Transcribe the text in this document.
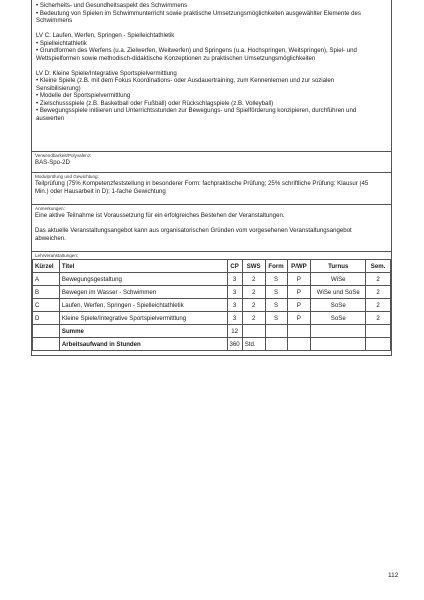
• Sicherheits- und Gesundheitsaspekt des Schwimmens
• Bedeutung von Spielen im Schwimmunterricht sowie praktische Umsetzungsmöglichkeiten ausgewählter Elemente des
Schwimmens
LV C: Laufen, Werfen, Springen - Spielleichtathletik
• Spielleichtathletik
• Grundformen des Werfens (u.a. Zielwerfen, Weitwerfen) und Springens (u.a. Hochspringen, Weitspringen), Spiel- und
Wettspielformen sowie methodisch-didaktische Konzeptionen zu praktischen Umsetzungsmöglichkeiten
LV D: Kleine Spiele/Integrative Sportspielvermittlung
• Kleine Spiele (z.B. mit dem Fokus Koordinations- oder Ausdauertraining, zum Kennenlernen und zur sozialen
Sensibilisierung)
• Modelle der Sportspielvermittlung
• Zielschussspiele (z.B. Basketball oder Fußball) oder Rückschlagspiele (z.B. Volleyball)
• Bewegungsspiele initiieren und Unterrichtsstunden zur Bewegungs- und Spielförderung konzipieren, durchführen und
auswerten
Verwendbarkeit/Polyvalenz:
BAS-Spo-2D
Modulprüfung und Gewichtung:
Teilprüfung (75% Kompetenzfeststellung in besonderer Form: fachpraktische Prüfung; 25% schriftliche Prüfung: Klausur (45
Min.) oder Hausarbeit in D); 1-fache Gewichtung
Anmerkungen:
Eine aktive Teilnahme ist Voraussetzung für ein erfolgreiches Bestehen der Veranstaltungen.
Das aktuelle Veranstaltungsangebot kann aus organisatorischen Gründen vom vorgesehenen Veranstaltungsangebot
abweichen.
Lehrveranstaltungen:
Kürzel	Titel	CP	SWS	Form	P/WP	Turnus	Sem.
A	Bewegungsgestaltung	3	2	S	P	WiSe	2
B	Bewegen im Wasser - Schwimmen	3	2	S	P	WiSe und SoSe	2
C	Laufen, Werfen, Springen - Spielleichtathletik	3	2	S	P	SoSe	2
D	Kleine Spiele/Integrative Sportspielvermittlung	3	2	S	P	SoSe	2
	Summe	12					
	Arbeitsaufwand in Stunden	360	Std.				
112
